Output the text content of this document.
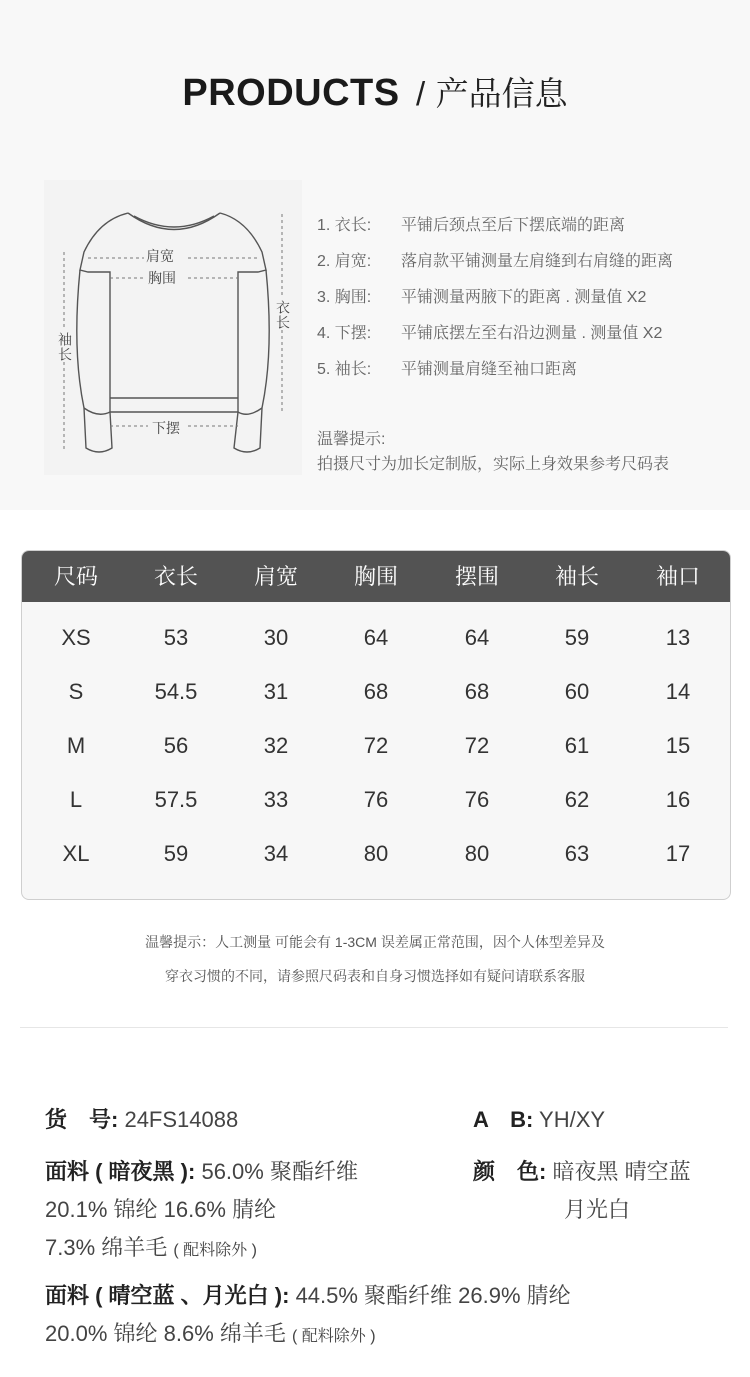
PRODUCTS / 产品信息
肩宽
胸围
下摆
衣长
袖长
1. 衣长: 平铺后颈点至后下摆底端的距离
2. 肩宽: 落肩款平铺测量左肩缝到右肩缝的距离
3. 胸围: 平铺测量两腋下的距离 . 测量值 X2
4. 下摆: 平铺底摆左至右沿边测量 . 测量值 X2
5. 袖长: 平铺测量肩缝至袖口距离
温馨提示:
拍摄尺寸为加长定制版，实际上身效果参考尺码表
尺码	衣长	肩宽	胸围	摆围	袖长	袖口
XS	53	30	64	64	59	13
S	54.5	31	68	68	60	14
M	56	32	72	72	61	15
L	57.5	33	76	76	62	16
XL	59	34	80	80	63	17
温馨提示：人工测量 可能会有 1-3CM 误差属正常范围，因个人体型差异及
穿衣习惯的不同，请参照尺码表和自身习惯选择如有疑问请联系客服
货　号: 24FS14088	A　B: YH/XY
面料 ( 暗夜黑 ): 56.0% 聚酯纤维
20.1% 锦纶 16.6% 腈纶
7.3% 绵羊毛 ( 配料除外 )
颜　色: 暗夜黑 晴空蓝
月光白
面料 ( 晴空蓝 、月光白 ): 44.5% 聚酯纤维 26.9% 腈纶
20.0% 锦纶 8.6% 绵羊毛 ( 配料除外 )
